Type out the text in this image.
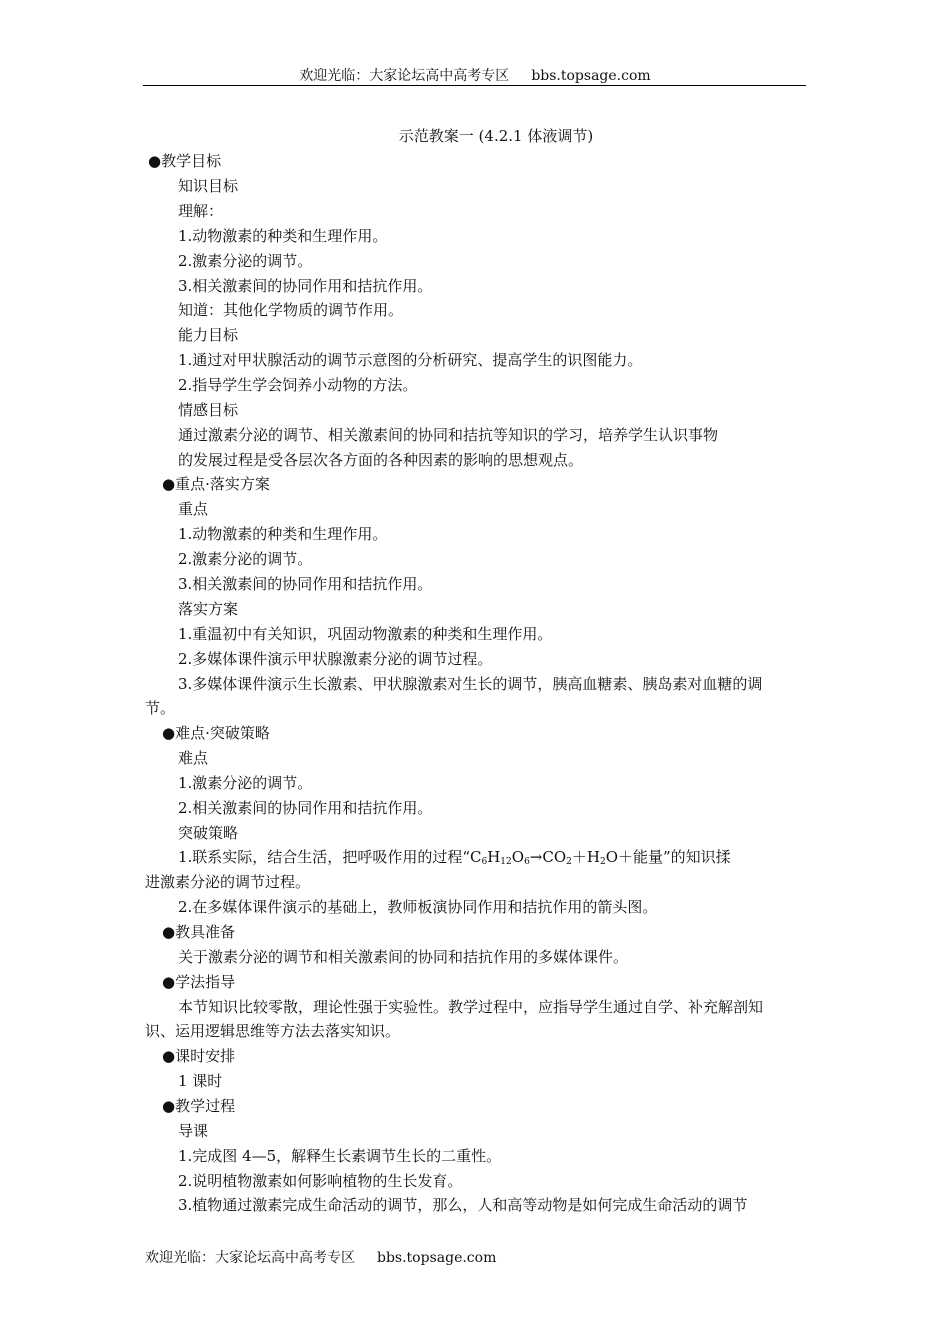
欢迎光临：大家论坛高中高考专区 bbs.topsage.com
示范教案一 (4.2.1 体液调节)
●教学目标
知识目标
理解：
1.动物激素的种类和生理作用。
2.激素分泌的调节。
3.相关激素间的协同作用和拮抗作用。
知道：其他化学物质的调节作用。
能力目标
1.通过对甲状腺活动的调节示意图的分析研究、提高学生的识图能力。
2.指导学生学会饲养小动物的方法。
情感目标
通过激素分泌的调节、相关激素间的协同和拮抗等知识的学习，培养学生认识事物
的发展过程是受各层次各方面的各种因素的影响的思想观点。
●重点·落实方案
重点
1.动物激素的种类和生理作用。
2.激素分泌的调节。
3.相关激素间的协同作用和拮抗作用。
落实方案
1.重温初中有关知识，巩固动物激素的种类和生理作用。
2.多媒体课件演示甲状腺激素分泌的调节过程。
3.多媒体课件演示生长激素、甲状腺激素对生长的调节，胰高血糖素、胰岛素对血糖的调
节。
●难点·突破策略
难点
1.激素分泌的调节。
2.相关激素间的协同作用和拮抗作用。
突破策略
进激素分泌的调节过程。
2.在多媒体课件演示的基础上，教师板演协同作用和拮抗作用的箭头图。
●教具准备
关于激素分泌的调节和相关激素间的协同和拮抗作用的多媒体课件。
●学法指导
本节知识比较零散，理论性强于实验性。教学过程中，应指导学生通过自学、补充解剖知
识、运用逻辑思维等方法去落实知识。
●课时安排
1 课时
●教学过程
导课
1.完成图 4—5，解释生长素调节生长的二重性。
2.说明植物激素如何影响植物的生长发育。
3.植物通过激素完成生命活动的调节，那么，人和高等动物是如何完成生命活动的调节
1.联系实际，结合生活，把呼吸作用的过程“$C_6H_{12}O_6\to CO_2+H_2O+$能量”的知识揉
欢迎光临：大家论坛高中高考专区 bbs.topsage.com
